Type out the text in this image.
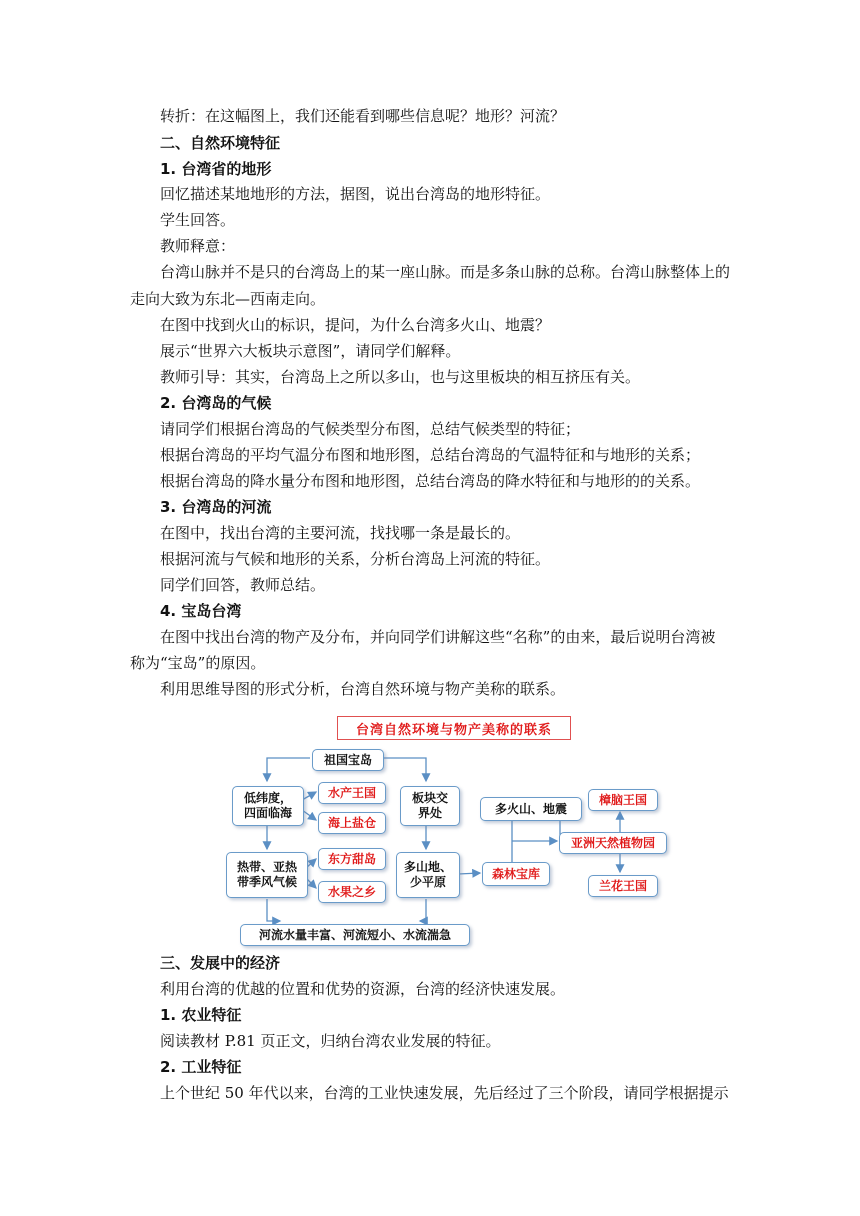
转折：在这幅图上，我们还能看到哪些信息呢？地形？河流？
二、自然环境特征
1. 台湾省的地形
回忆描述某地地形的方法，据图，说出台湾岛的地形特征。
学生回答。
教师释意：
台湾山脉并不是只的台湾岛上的某一座山脉。而是多条山脉的总称。台湾山脉整体上的
走向大致为东北—西南走向。
在图中找到火山的标识，提问，为什么台湾多火山、地震？
展示“世界六大板块示意图”，请同学们解释。
教师引导：其实，台湾岛上之所以多山，也与这里板块的相互挤压有关。
2. 台湾岛的气候
请同学们根据台湾岛的气候类型分布图，总结气候类型的特征；
根据台湾岛的平均气温分布图和地形图，总结台湾岛的气温特征和与地形的关系；
根据台湾岛的降水量分布图和地形图，总结台湾岛的降水特征和与地形的的关系。
3. 台湾岛的河流
在图中，找出台湾的主要河流，找找哪一条是最长的。
根据河流与气候和地形的关系，分析台湾岛上河流的特征。
同学们回答，教师总结。
4. 宝岛台湾
在图中找出台湾的物产及分布，并向同学们讲解这些“名称”的由来，最后说明台湾被
称为“宝岛”的原因。
利用思维导图的形式分析，台湾自然环境与物产美称的联系。
台湾自然环境与物产美称的联系
祖国宝岛
低纬度，
四面临海
水产王国
海上盐仓
板块交
界处	多火山、地震
樟脑王国
热带、亚热
带季风气候
东方甜岛
水果之乡
多山地、
少平原
森林宝库
亚洲天然植物园
兰花王国
河流水量丰富、河流短小、水流湍急
三、发展中的经济
利用台湾的优越的位置和优势的资源，台湾的经济快速发展。
1. 农业特征
阅读教材 P.81 页正文，归纳台湾农业发展的特征。
2. 工业特征
上个世纪 50 年代以来，台湾的工业快速发展，先后经过了三个阶段，请同学根据提示
